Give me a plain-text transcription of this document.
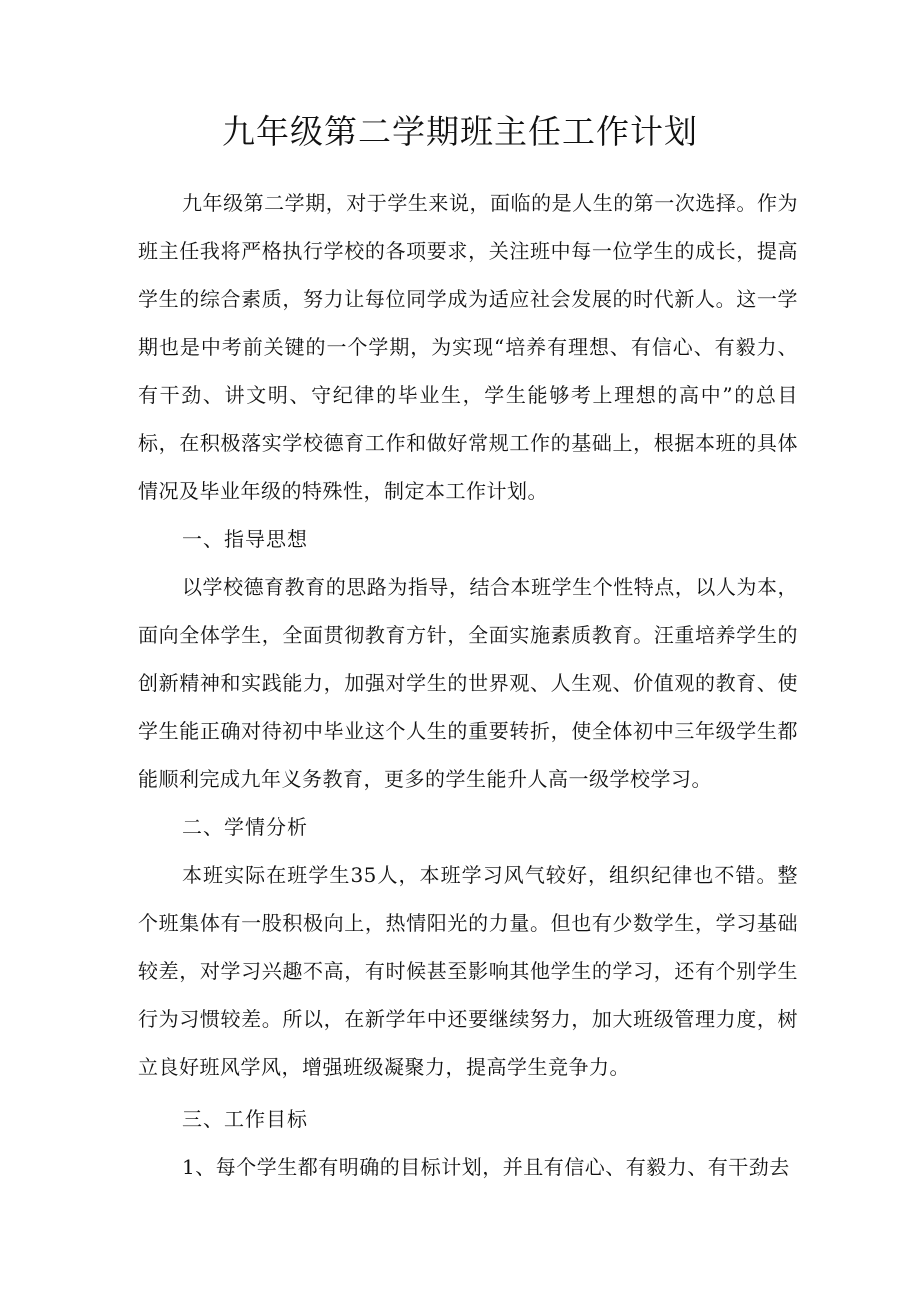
九年级第二学期班主任工作计划

九年级第二学期，对于学生来说，面临的是人生的第一次选择。作为班主任我将严格执行学校的各项要求，关注班中每一位学生的成长，提高学生的综合素质，努力让每位同学成为适应社会发展的时代新人。这一学期也是中考前关键的一个学期，为实现“培养有理想、有信心、有毅力、有干劲、讲文明、守纪律的毕业生，学生能够考上理想的高中”的总目标，在积极落实学校德育工作和做好常规工作的基础上，根据本班的具体情况及毕业年级的特殊性，制定本工作计划。

一、指导思想

以学校德育教育的思路为指导，结合本班学生个性特点，以人为本，面向全体学生，全面贯彻教育方针，全面实施素质教育。汪重培养学生的创新精神和实践能力，加强对学生的世界观、人生观、价值观的教育、使学生能正确对待初中毕业这个人生的重要转折，使全体初中三年级学生都能顺利完成九年义务教育，更多的学生能升人高一级学校学习。

二、学情分析

本班实际在班学生35人，本班学习风气较好，组织纪律也不错。整个班集体有一股积极向上，热情阳光的力量。但也有少数学生，学习基础较差，对学习兴趣不高，有时候甚至影响其他学生的学习，还有个别学生行为习惯较差。所以，在新学年中还要继续努力，加大班级管理力度，树立良好班风学风，增强班级凝聚力，提高学生竞争力。

三、工作目标

1、每个学生都有明确的目标计划，并且有信心、有毅力、有干劲去
